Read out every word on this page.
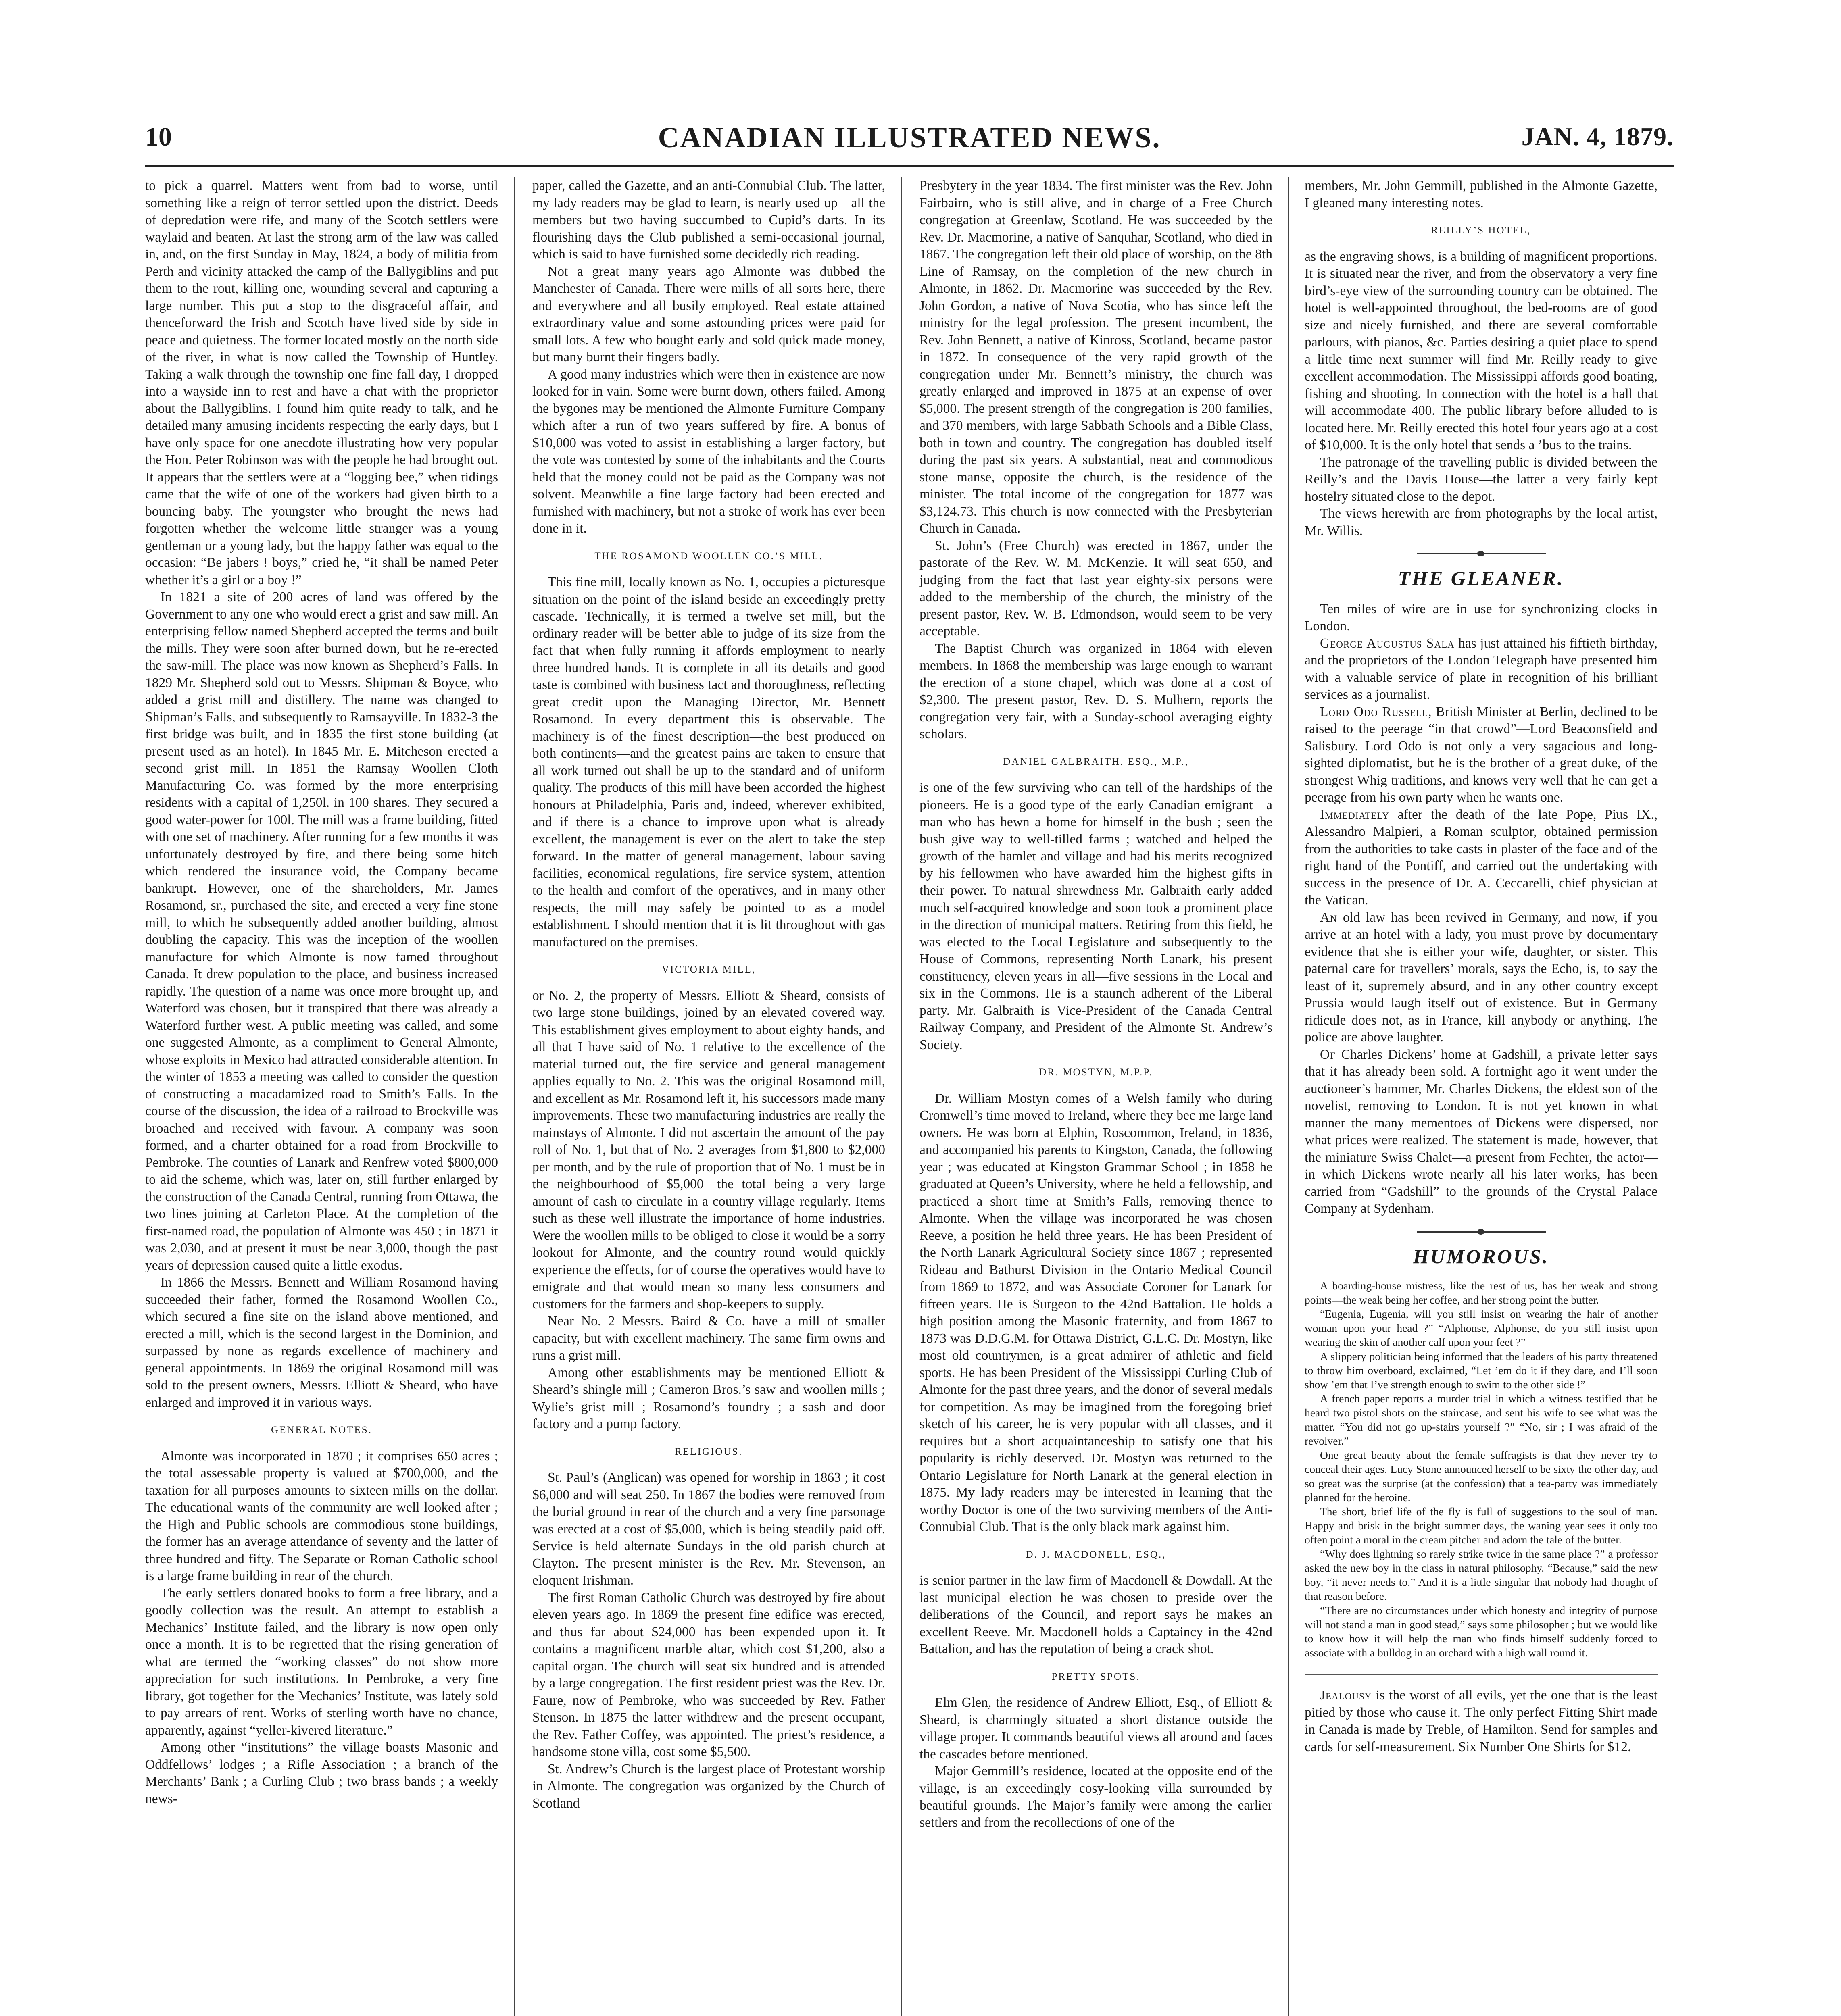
10	CANADIAN ILLUSTRATED NEWS.	JAN. 4, 1879.

to pick a quarrel. Matters went from bad to worse, until something like a reign of terror settled upon the district. Deeds of depredation were rife, and many of the Scotch settlers were waylaid and beaten. At last the strong arm of the law was called in, and, on the first Sunday in May, 1824, a body of militia from Perth and vicinity attacked the camp of the Ballygiblins and put them to the rout, killing one, wounding several and capturing a large number. This put a stop to the disgraceful affair, and thenceforward the Irish and Scotch have lived side by side in peace and quietness. The former located mostly on the north side of the river, in what is now called the Township of Huntley. Taking a walk through the township one fine fall day, I dropped into a wayside inn to rest and have a chat with the proprietor about the Ballygiblins. I found him quite ready to talk, and he detailed many amusing incidents respecting the early days, but I have only space for one anecdote illustrating how very popular the Hon. Peter Robinson was with the people he had brought out. It appears that the settlers were at a “logging bee,” when tidings came that the wife of one of the workers had given birth to a bouncing baby. The youngster who brought the news had forgotten whether the welcome little stranger was a young gentleman or a young lady, but the happy father was equal to the occasion: “Be jabers ! boys,” cried he, “it shall be named Peter whether it’s a girl or a boy !”

In 1821 a site of 200 acres of land was offered by the Government to any one who would erect a grist and saw mill. An enterprising fellow named Shepherd accepted the terms and built the mills. They were soon after burned down, but he re-erected the saw-mill. The place was now known as Shepherd’s Falls. In 1829 Mr. Shepherd sold out to Messrs. Shipman & Boyce, who added a grist mill and distillery. The name was changed to Shipman’s Falls, and subsequently to Ramsayville. In 1832-3 the first bridge was built, and in 1835 the first stone building (at present used as an hotel). In 1845 Mr. E. Mitcheson erected a second grist mill. In 1851 the Ramsay Woollen Cloth Manufacturing Co. was formed by the more enterprising residents with a capital of 1,250l. in 100 shares. They secured a good water-power for 100l. The mill was a frame building, fitted with one set of machinery. After running for a few months it was unfortunately destroyed by fire, and there being some hitch which rendered the insurance void, the Company became bankrupt. However, one of the shareholders, Mr. James Rosamond, sr., purchased the site, and erected a very fine stone mill, to which he subsequently added another building, almost doubling the capacity. This was the inception of the woollen manufacture for which Almonte is now famed throughout Canada. It drew population to the place, and business increased rapidly. The question of a name was once more brought up, and Waterford was chosen, but it transpired that there was already a Waterford further west. A public meeting was called, and some one suggested Almonte, as a compliment to General Almonte, whose exploits in Mexico had attracted considerable attention. In the winter of 1853 a meeting was called to consider the question of constructing a macadamized road to Smith’s Falls. In the course of the discussion, the idea of a railroad to Brockville was broached and received with favour. A company was soon formed, and a charter obtained for a road from Brockville to Pembroke. The counties of Lanark and Renfrew voted $800,000 to aid the scheme, which was, later on, still further enlarged by the construction of the Canada Central, running from Ottawa, the two lines joining at Carleton Place. At the completion of the first-named road, the population of Almonte was 450 ; in 1871 it was 2,030, and at present it must be near 3,000, though the past years of depression caused quite a little exodus.

In 1866 the Messrs. Bennett and William Rosamond having succeeded their father, formed the Rosamond Woollen Co., which secured a fine site on the island above mentioned, and erected a mill, which is the second largest in the Dominion, and surpassed by none as regards excellence of machinery and general appointments. In 1869 the original Rosamond mill was sold to the present owners, Messrs. Elliott & Sheard, who have enlarged and improved it in various ways.

GENERAL NOTES.

Almonte was incorporated in 1870 ; it comprises 650 acres ; the total assessable property is valued at $700,000, and the taxation for all purposes amounts to sixteen mills on the dollar. The educational wants of the community are well looked after ; the High and Public schools are commodious stone buildings, the former has an average attendance of seventy and the latter of three hundred and fifty. The Separate or Roman Catholic school is a large frame building in rear of the church.

The early settlers donated books to form a free library, and a goodly collection was the result. An attempt to establish a Mechanics’ Institute failed, and the library is now open only once a month. It is to be regretted that the rising generation of what are termed the “working classes” do not show more appreciation for such institutions. In Pembroke, a very fine library, got together for the Mechanics’ Institute, was lately sold to pay arrears of rent. Works of sterling worth have no chance, apparently, against “yeller-kivered literature.”

Among other “institutions” the village boasts Masonic and Oddfellows’ lodges ; a Rifle Association ; a branch of the Merchants’ Bank ; a Curling Club ; two brass bands ; a weekly news-

paper, called the Gazette, and an anti-Connubial Club. The latter, my lady readers may be glad to learn, is nearly used up—all the members but two having succumbed to Cupid’s darts. In its flourishing days the Club published a semi-occasional journal, which is said to have furnished some decidedly rich reading.

Not a great many years ago Almonte was dubbed the Manchester of Canada. There were mills of all sorts here, there and everywhere and all busily employed. Real estate attained extraordinary value and some astounding prices were paid for small lots. A few who bought early and sold quick made money, but many burnt their fingers badly.

A good many industries which were then in existence are now looked for in vain. Some were burnt down, others failed. Among the bygones may be mentioned the Almonte Furniture Company which after a run of two years suffered by fire. A bonus of $10,000 was voted to assist in establishing a larger factory, but the vote was contested by some of the inhabitants and the Courts held that the money could not be paid as the Company was not solvent. Meanwhile a fine large factory had been erected and furnished with machinery, but not a stroke of work has ever been done in it.

THE ROSAMOND WOOLLEN CO.’S MILL.

This fine mill, locally known as No. 1, occupies a picturesque situation on the point of the island beside an exceedingly pretty cascade. Technically, it is termed a twelve set mill, but the ordinary reader will be better able to judge of its size from the fact that when fully running it affords employment to nearly three hundred hands. It is complete in all its details and good taste is combined with business tact and thoroughness, reflecting great credit upon the Managing Director, Mr. Bennett Rosamond. In every department this is observable. The machinery is of the finest description—the best produced on both continents—and the greatest pains are taken to ensure that all work turned out shall be up to the standard and of uniform quality. The products of this mill have been accorded the highest honours at Philadelphia, Paris and, indeed, wherever exhibited, and if there is a chance to improve upon what is already excellent, the management is ever on the alert to take the step forward. In the matter of general management, labour saving facilities, economical regulations, fire service system, attention to the health and comfort of the operatives, and in many other respects, the mill may safely be pointed to as a model establishment. I should mention that it is lit throughout with gas manufactured on the premises.

VICTORIA MILL,

or No. 2, the property of Messrs. Elliott & Sheard, consists of two large stone buildings, joined by an elevated covered way. This establishment gives employment to about eighty hands, and all that I have said of No. 1 relative to the excellence of the material turned out, the fire service and general management applies equally to No. 2. This was the original Rosamond mill, and excellent as Mr. Rosamond left it, his successors made many improvements. These two manufacturing industries are really the mainstays of Almonte. I did not ascertain the amount of the pay roll of No. 1, but that of No. 2 averages from $1,800 to $2,000 per month, and by the rule of proportion that of No. 1 must be in the neighbourhood of $5,000—the total being a very large amount of cash to circulate in a country village regularly. Items such as these well illustrate the importance of home industries. Were the woollen mills to be obliged to close it would be a sorry lookout for Almonte, and the country round would quickly experience the effects, for of course the operatives would have to emigrate and that would mean so many less consumers and customers for the farmers and shop-keepers to supply.

Near No. 2 Messrs. Baird & Co. have a mill of smaller capacity, but with excellent machinery. The same firm owns and runs a grist mill.

Among other establishments may be mentioned Elliott & Sheard’s shingle mill ; Cameron Bros.’s saw and woollen mills ; Wylie’s grist mill ; Rosamond’s foundry ; a sash and door factory and a pump factory.

RELIGIOUS.

St. Paul’s (Anglican) was opened for worship in 1863 ; it cost $6,000 and will seat 250. In 1867 the bodies were removed from the burial ground in rear of the church and a very fine parsonage was erected at a cost of $5,000, which is being steadily paid off. Service is held alternate Sundays in the old parish church at Clayton. The present minister is the Rev. Mr. Stevenson, an eloquent Irishman.

The first Roman Catholic Church was destroyed by fire about eleven years ago. In 1869 the present fine edifice was erected, and thus far about $24,000 has been expended upon it. It contains a magnificent marble altar, which cost $1,200, also a capital organ. The church will seat six hundred and is attended by a large congregation. The first resident priest was the Rev. Dr. Faure, now of Pembroke, who was succeeded by Rev. Father Stenson. In 1875 the latter withdrew and the present occupant, the Rev. Father Coffey, was appointed. The priest’s residence, a handsome stone villa, cost some $5,500.

St. Andrew’s Church is the largest place of Protestant worship in Almonte. The congregation was organized by the Church of Scotland

Presbytery in the year 1834. The first minister was the Rev. John Fairbairn, who is still alive, and in charge of a Free Church congregation at Greenlaw, Scotland. He was succeeded by the Rev. Dr. Macmorine, a native of Sanquhar, Scotland, who died in 1867. The congregation left their old place of worship, on the 8th Line of Ramsay, on the completion of the new church in Almonte, in 1862. Dr. Macmorine was succeeded by the Rev. John Gordon, a native of Nova Scotia, who has since left the ministry for the legal profession. The present incumbent, the Rev. John Bennett, a native of Kinross, Scotland, became pastor in 1872. In consequence of the very rapid growth of the congregation under Mr. Bennett’s ministry, the church was greatly enlarged and improved in 1875 at an expense of over $5,000. The present strength of the congregation is 200 families, and 370 members, with large Sabbath Schools and a Bible Class, both in town and country. The congregation has doubled itself during the past six years. A substantial, neat and commodious stone manse, opposite the church, is the residence of the minister. The total income of the congregation for 1877 was $3,124.73. This church is now connected with the Presbyterian Church in Canada.

St. John’s (Free Church) was erected in 1867, under the pastorate of the Rev. W. M. McKenzie. It will seat 650, and judging from the fact that last year eighty-six persons were added to the membership of the church, the ministry of the present pastor, Rev. W. B. Edmondson, would seem to be very acceptable.

The Baptist Church was organized in 1864 with eleven members. In 1868 the membership was large enough to warrant the erection of a stone chapel, which was done at a cost of $2,300. The present pastor, Rev. D. S. Mulhern, reports the congregation very fair, with a Sunday-school averaging eighty scholars.

DANIEL GALBRAITH, ESQ., M.P.,

is one of the few surviving who can tell of the hardships of the pioneers. He is a good type of the early Canadian emigrant—a man who has hewn a home for himself in the bush ; seen the bush give way to well-tilled farms ; watched and helped the growth of the hamlet and village and had his merits recognized by his fellowmen who have awarded him the highest gifts in their power. To natural shrewdness Mr. Galbraith early added much self-acquired knowledge and soon took a prominent place in the direction of municipal matters. Retiring from this field, he was elected to the Local Legislature and subsequently to the House of Commons, representing North Lanark, his present constituency, eleven years in all—five sessions in the Local and six in the Commons. He is a staunch adherent of the Liberal party. Mr. Galbraith is Vice-President of the Canada Central Railway Company, and President of the Almonte St. Andrew’s Society.

DR. MOSTYN, M.P.P.

Dr. William Mostyn comes of a Welsh family who during Cromwell’s time moved to Ireland, where they bec me large land owners. He was born at Elphin, Roscommon, Ireland, in 1836, and accompanied his parents to Kingston, Canada, the following year ; was educated at Kingston Grammar School ; in 1858 he graduated at Queen’s University, where he held a fellowship, and practiced a short time at Smith’s Falls, removing thence to Almonte. When the village was incorporated he was chosen Reeve, a position he held three years. He has been President of the North Lanark Agricultural Society since 1867 ; represented Rideau and Bathurst Division in the Ontario Medical Council from 1869 to 1872, and was Associate Coroner for Lanark for fifteen years. He is Surgeon to the 42nd Battalion. He holds a high position among the Masonic fraternity, and from 1867 to 1873 was D.D.G.M. for Ottawa District, G.L.C. Dr. Mostyn, like most old countrymen, is a great admirer of athletic and field sports. He has been President of the Mississippi Curling Club of Almonte for the past three years, and the donor of several medals for competition. As may be imagined from the foregoing brief sketch of his career, he is very popular with all classes, and it requires but a short acquaintanceship to satisfy one that his popularity is richly deserved. Dr. Mostyn was returned to the Ontario Legislature for North Lanark at the general election in 1875. My lady readers may be interested in learning that the worthy Doctor is one of the two surviving members of the Anti-Connubial Club. That is the only black mark against him.

D. J. MACDONELL, ESQ.,

is senior partner in the law firm of Macdonell & Dowdall. At the last municipal election he was chosen to preside over the deliberations of the Council, and report says he makes an excellent Reeve. Mr. Macdonell holds a Captaincy in the 42nd Battalion, and has the reputation of being a crack shot.

PRETTY SPOTS.

Elm Glen, the residence of Andrew Elliott, Esq., of Elliott & Sheard, is charmingly situated a short distance outside the village proper. It commands beautiful views all around and faces the cascades before mentioned.

Major Gemmill’s residence, located at the opposite end of the village, is an exceedingly cosy-looking villa surrounded by beautiful grounds. The Major’s family were among the earlier settlers and from the recollections of one of the

members, Mr. John Gemmill, published in the Almonte Gazette, I gleaned many interesting notes.

REILLY’S HOTEL,

as the engraving shows, is a building of magnificent proportions. It is situated near the river, and from the observatory a very fine bird’s-eye view of the surrounding country can be obtained. The hotel is well-appointed throughout, the bed-rooms are of good size and nicely furnished, and there are several comfortable parlours, with pianos, &c. Parties desiring a quiet place to spend a little time next summer will find Mr. Reilly ready to give excellent accommodation. The Mississippi affords good boating, fishing and shooting. In connection with the hotel is a hall that will accommodate 400. The public library before alluded to is located here. Mr. Reilly erected this hotel four years ago at a cost of $10,000. It is the only hotel that sends a ’bus to the trains.

The patronage of the travelling public is divided between the Reilly’s and the Davis House—the latter a very fairly kept hostelry situated close to the depot.

The views herewith are from photographs by the local artist, Mr. Willis.

THE GLEANER.

Ten miles of wire are in use for synchronizing clocks in London.

George Augustus Sala has just attained his fiftieth birthday, and the proprietors of the London Telegraph have presented him with a valuable service of plate in recognition of his brilliant services as a journalist.

Lord Odo Russell, British Minister at Berlin, declined to be raised to the peerage “in that crowd”—Lord Beaconsfield and Salisbury. Lord Odo is not only a very sagacious and long-sighted diplomatist, but he is the brother of a great duke, of the strongest Whig traditions, and knows very well that he can get a peerage from his own party when he wants one.

Immediately after the death of the late Pope, Pius IX., Alessandro Malpieri, a Roman sculptor, obtained permission from the authorities to take casts in plaster of the face and of the right hand of the Pontiff, and carried out the undertaking with success in the presence of Dr. A. Ceccarelli, chief physician at the Vatican.

An old law has been revived in Germany, and now, if you arrive at an hotel with a lady, you must prove by documentary evidence that she is either your wife, daughter, or sister. This paternal care for travellers’ morals, says the Echo, is, to say the least of it, supremely absurd, and in any other country except Prussia would laugh itself out of existence. But in Germany ridicule does not, as in France, kill anybody or anything. The police are above laughter.

Of Charles Dickens’ home at Gadshill, a private letter says that it has already been sold. A fortnight ago it went under the auctioneer’s hammer, Mr. Charles Dickens, the eldest son of the novelist, removing to London. It is not yet known in what manner the many mementoes of Dickens were dispersed, nor what prices were realized. The statement is made, however, that the miniature Swiss Chalet—a present from Fechter, the actor—in which Dickens wrote nearly all his later works, has been carried from “Gadshill” to the grounds of the Crystal Palace Company at Sydenham.

HUMOROUS.

A boarding-house mistress, like the rest of us, has her weak and strong points—the weak being her coffee, and her strong point the butter.

“Eugenia, Eugenia, will you still insist on wearing the hair of another woman upon your head ?” “Alphonse, Alphonse, do you still insist upon wearing the skin of another calf upon your feet ?”

A slippery politician being informed that the leaders of his party threatened to throw him overboard, exclaimed, “Let ’em do it if they dare, and I’ll soon show ’em that I’ve strength enough to swim to the other side !”

A french paper reports a murder trial in which a witness testified that he heard two pistol shots on the staircase, and sent his wife to see what was the matter. “You did not go up-stairs yourself ?” “No, sir ; I was afraid of the revolver.”

One great beauty about the female suffragists is that they never try to conceal their ages. Lucy Stone announced herself to be sixty the other day, and so great was the surprise (at the confession) that a tea-party was immediately planned for the heroine.

The short, brief life of the fly is full of suggestions to the soul of man. Happy and brisk in the bright summer days, the waning year sees it only too often point a moral in the cream pitcher and adorn the tale of the butter.

“Why does lightning so rarely strike twice in the same place ?” a professor asked the new boy in the class in natural philosophy. “Because,” said the new boy, “it never needs to.” And it is a little singular that nobody had thought of that reason before.

“There are no circumstances under which honesty and integrity of purpose will not stand a man in good stead,” says some philosopher ; but we would like to know how it will help the man who finds himself suddenly forced to associate with a bulldog in an orchard with a high wall round it.

Jealousy is the worst of all evils, yet the one that is the least pitied by those who cause it. The only perfect Fitting Shirt made in Canada is made by Treble, of Hamilton. Send for samples and cards for self-measurement. Six Number One Shirts for $12.
